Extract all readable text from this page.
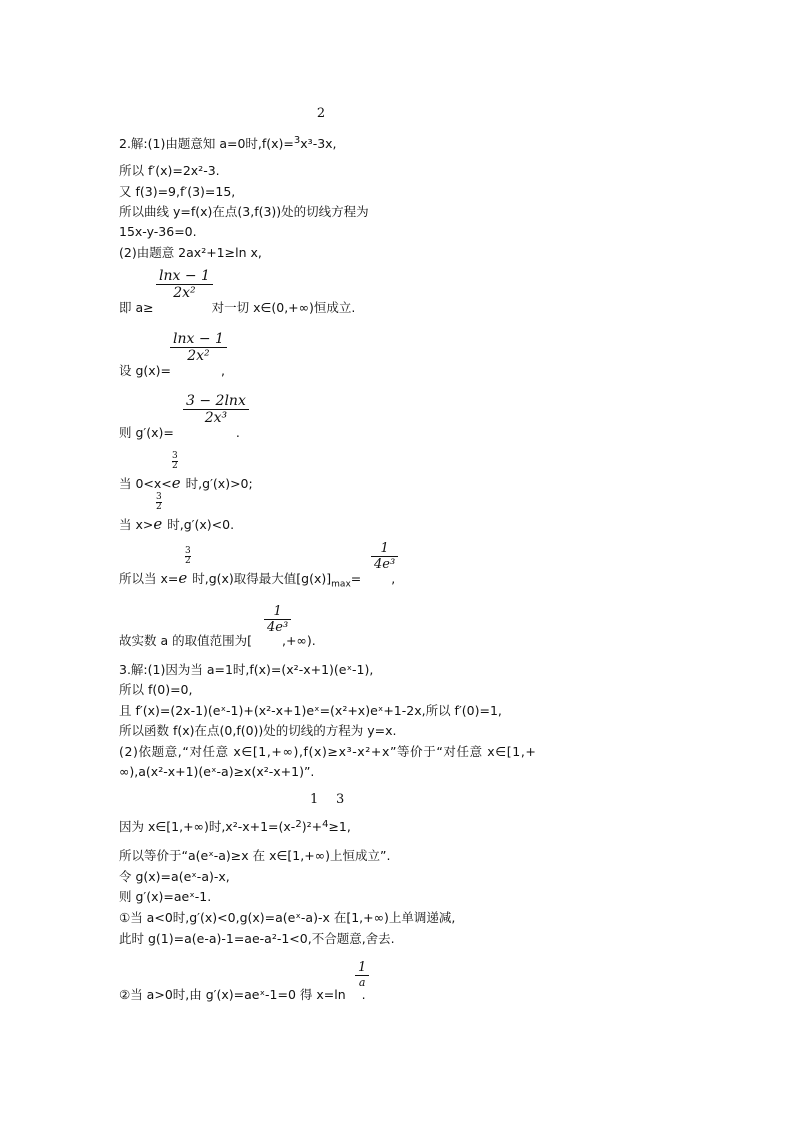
2
2.解:(1)由题意知 a=0时,f(x)=$^3$x³-3x,
所以 f′(x)=2x²-3.
又 f(3)=9,f′(3)=15,
所以曲线 y=f(x)在点(3,f(3))处的切线方程为
15x-y-36=0.
(2)由题意 2ax²+1≥ln x,
lnx − 1
2x²
即 a≥	对一切 x∈(0,+∞)恒成立.
lnx − 1
2x²
设 g(x)=	,
3 − 2lnx
2x³
则 g′(x)=	.
$\frac{3}{2}$
当 0<x<e 时,g′(x)>0;
$\frac{3}{2}$
当 x>e 时,g′(x)<0.
$\frac{3}{2}$	1
4e³
所以当 x=e 时,g(x)取得最大值$[g(x)]_{max}=$ ,
1
4e³
故实数 a 的取值范围为[ ,+∞).
3.解:(1)因为当 a=1时,f(x)=(x²-x+1)(eˣ-1),
所以 f(0)=0,
且 f′(x)=(2x-1)(eˣ-1)+(x²-x+1)eˣ=(x²+x)eˣ+1-2x,所以 f′(0)=1,
所以函数 f(x)在点(0,f(0))处的切线的方程为 y=x.
(2)依题意,“对任意 x∈[1,+∞),f(x)≥x³-x²+x”等价于“对任意 x∈[1,+
∞),a(x²-x+1)(eˣ-a)≥x(x²-x+1)”.
1 3
因为 x∈[1,+∞)时,x²-x+1=(x-$^2$)²+$^4$≥1,
所以等价于“a(eˣ-a)≥x 在 x∈[1,+∞)上恒成立”.
令 g(x)=a(eˣ-a)-x,
则 g′(x)=aeˣ-1.
①当 a<0时,g′(x)<0,g(x)=a(eˣ-a)-x 在[1,+∞)上单调递减,
此时 g(1)=a(e-a)-1=ae-a²-1<0,不合题意,舍去.
1
a
②当 a>0时,由 g′(x)=aeˣ-1=0 得 x=ln .
